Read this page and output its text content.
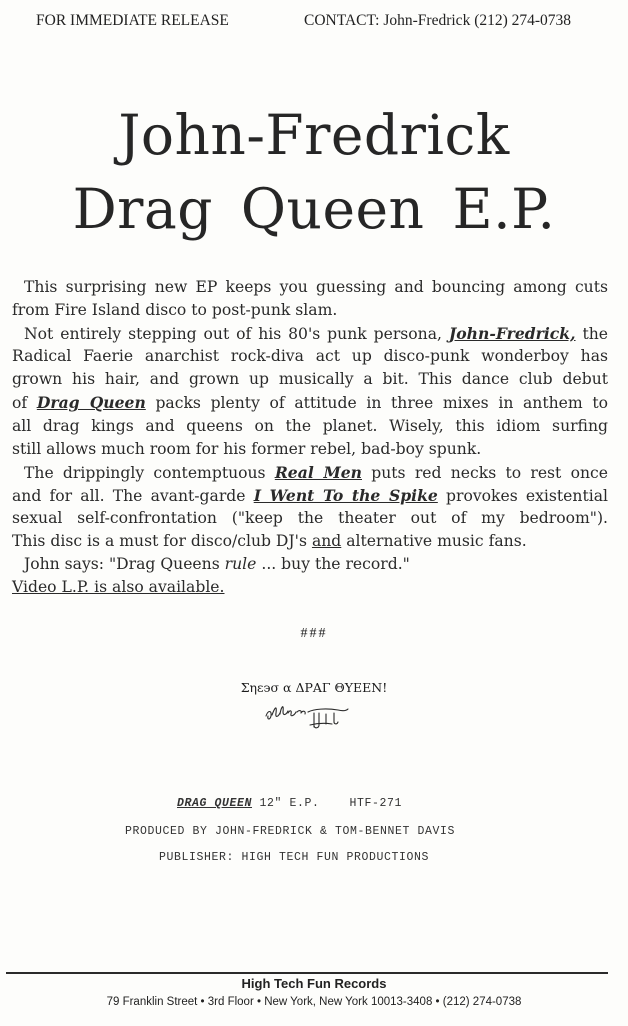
FOR IMMEDIATE RELEASE	CONTACT: John-Fredrick (212) 274-0738
John-Fredrick
Drag Queen E.P.
This surprising new EP keeps you guessing and bouncing among cuts
from Fire Island disco to post-punk slam.
Not entirely stepping out of his 80's punk persona, John-Fredrick, the
Radical Faerie anarchist rock-diva act up disco-punk wonderboy has
grown his hair, and grown up musically a bit. This dance club debut
of Drag Queen packs plenty of attitude in three mixes in anthem to
all drag kings and queens on the planet. Wisely, this idiom surfing
still allows much room for his former rebel, bad-boy spunk.
The drippingly contemptuous Real Men puts red necks to rest once
and for all. The avant-garde I Went To the Spike provokes existential
sexual self-confrontation ("keep the theater out of my bedroom").
This disc is a must for disco/club DJ's and alternative music fans.
John says: "Drag Queens rule ... buy the record."
Video L.P. is also available.
###
Σηεэσ α ΔΡΑΓ ΘΥΕΕΝ!
DRAG QUEEN 12" E.P.    HTF-271
PRODUCED BY JOHN-FREDRICK & TOM-BENNET DAVIS
PUBLISHER: HIGH TECH FUN PRODUCTIONS
High Tech Fun Records
79 Franklin Street • 3rd Floor • New York, New York 10013-3408 • (212) 274-0738
